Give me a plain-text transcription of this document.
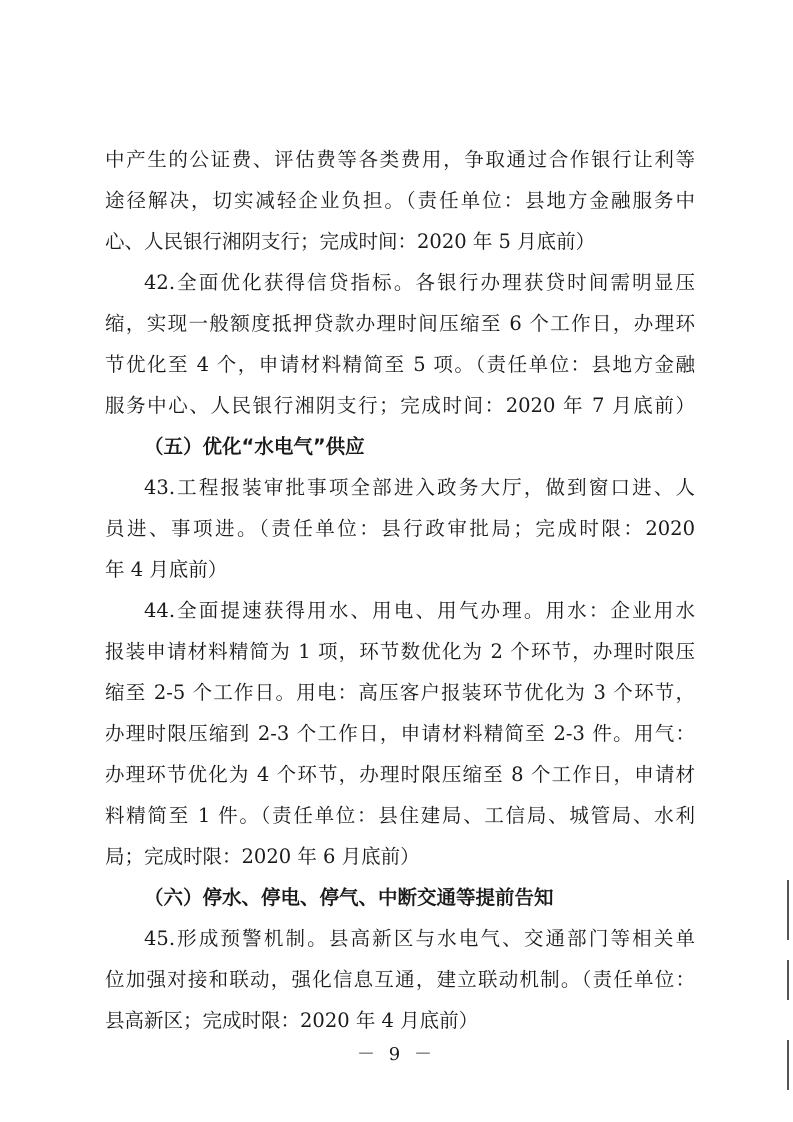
中产生的公证费、评估费等各类费用，争取通过合作银行让利等
途径解决，切实减轻企业负担。（责任单位：县地方金融服务中
心、人民银行湘阴支行；完成时间：2020 年 5 月底前）
42.全面优化获得信贷指标。各银行办理获贷时间需明显压
缩，实现一般额度抵押贷款办理时间压缩至 6 个工作日，办理环
节优化至 4 个，申请材料精简至 5 项。（责任单位：县地方金融
服务中心、人民银行湘阴支行；完成时间：2020 年 7 月底前）
（五）优化“水电气”供应
43.工程报装审批事项全部进入政务大厅，做到窗口进、人
员进、事项进。（责任单位：县行政审批局；完成时限：2020
年 4 月底前）
44.全面提速获得用水、用电、用气办理。用水：企业用水
报装申请材料精简为 1 项，环节数优化为 2 个环节，办理时限压
缩至 2-5 个工作日。用电：高压客户报装环节优化为 3 个环节，
办理时限压缩到 2-3 个工作日，申请材料精简至 2-3 件。用气：
办理环节优化为 4 个环节，办理时限压缩至 8 个工作日，申请材
料精简至 1 件。（责任单位：县住建局、工信局、城管局、水利
局；完成时限：2020 年 6 月底前）
（六）停水、停电、停气、中断交通等提前告知
45.形成预警机制。县高新区与水电气、交通部门等相关单
位加强对接和联动，强化信息互通，建立联动机制。（责任单位：
县高新区；完成时限：2020 年 4 月底前）
－ 9 －
